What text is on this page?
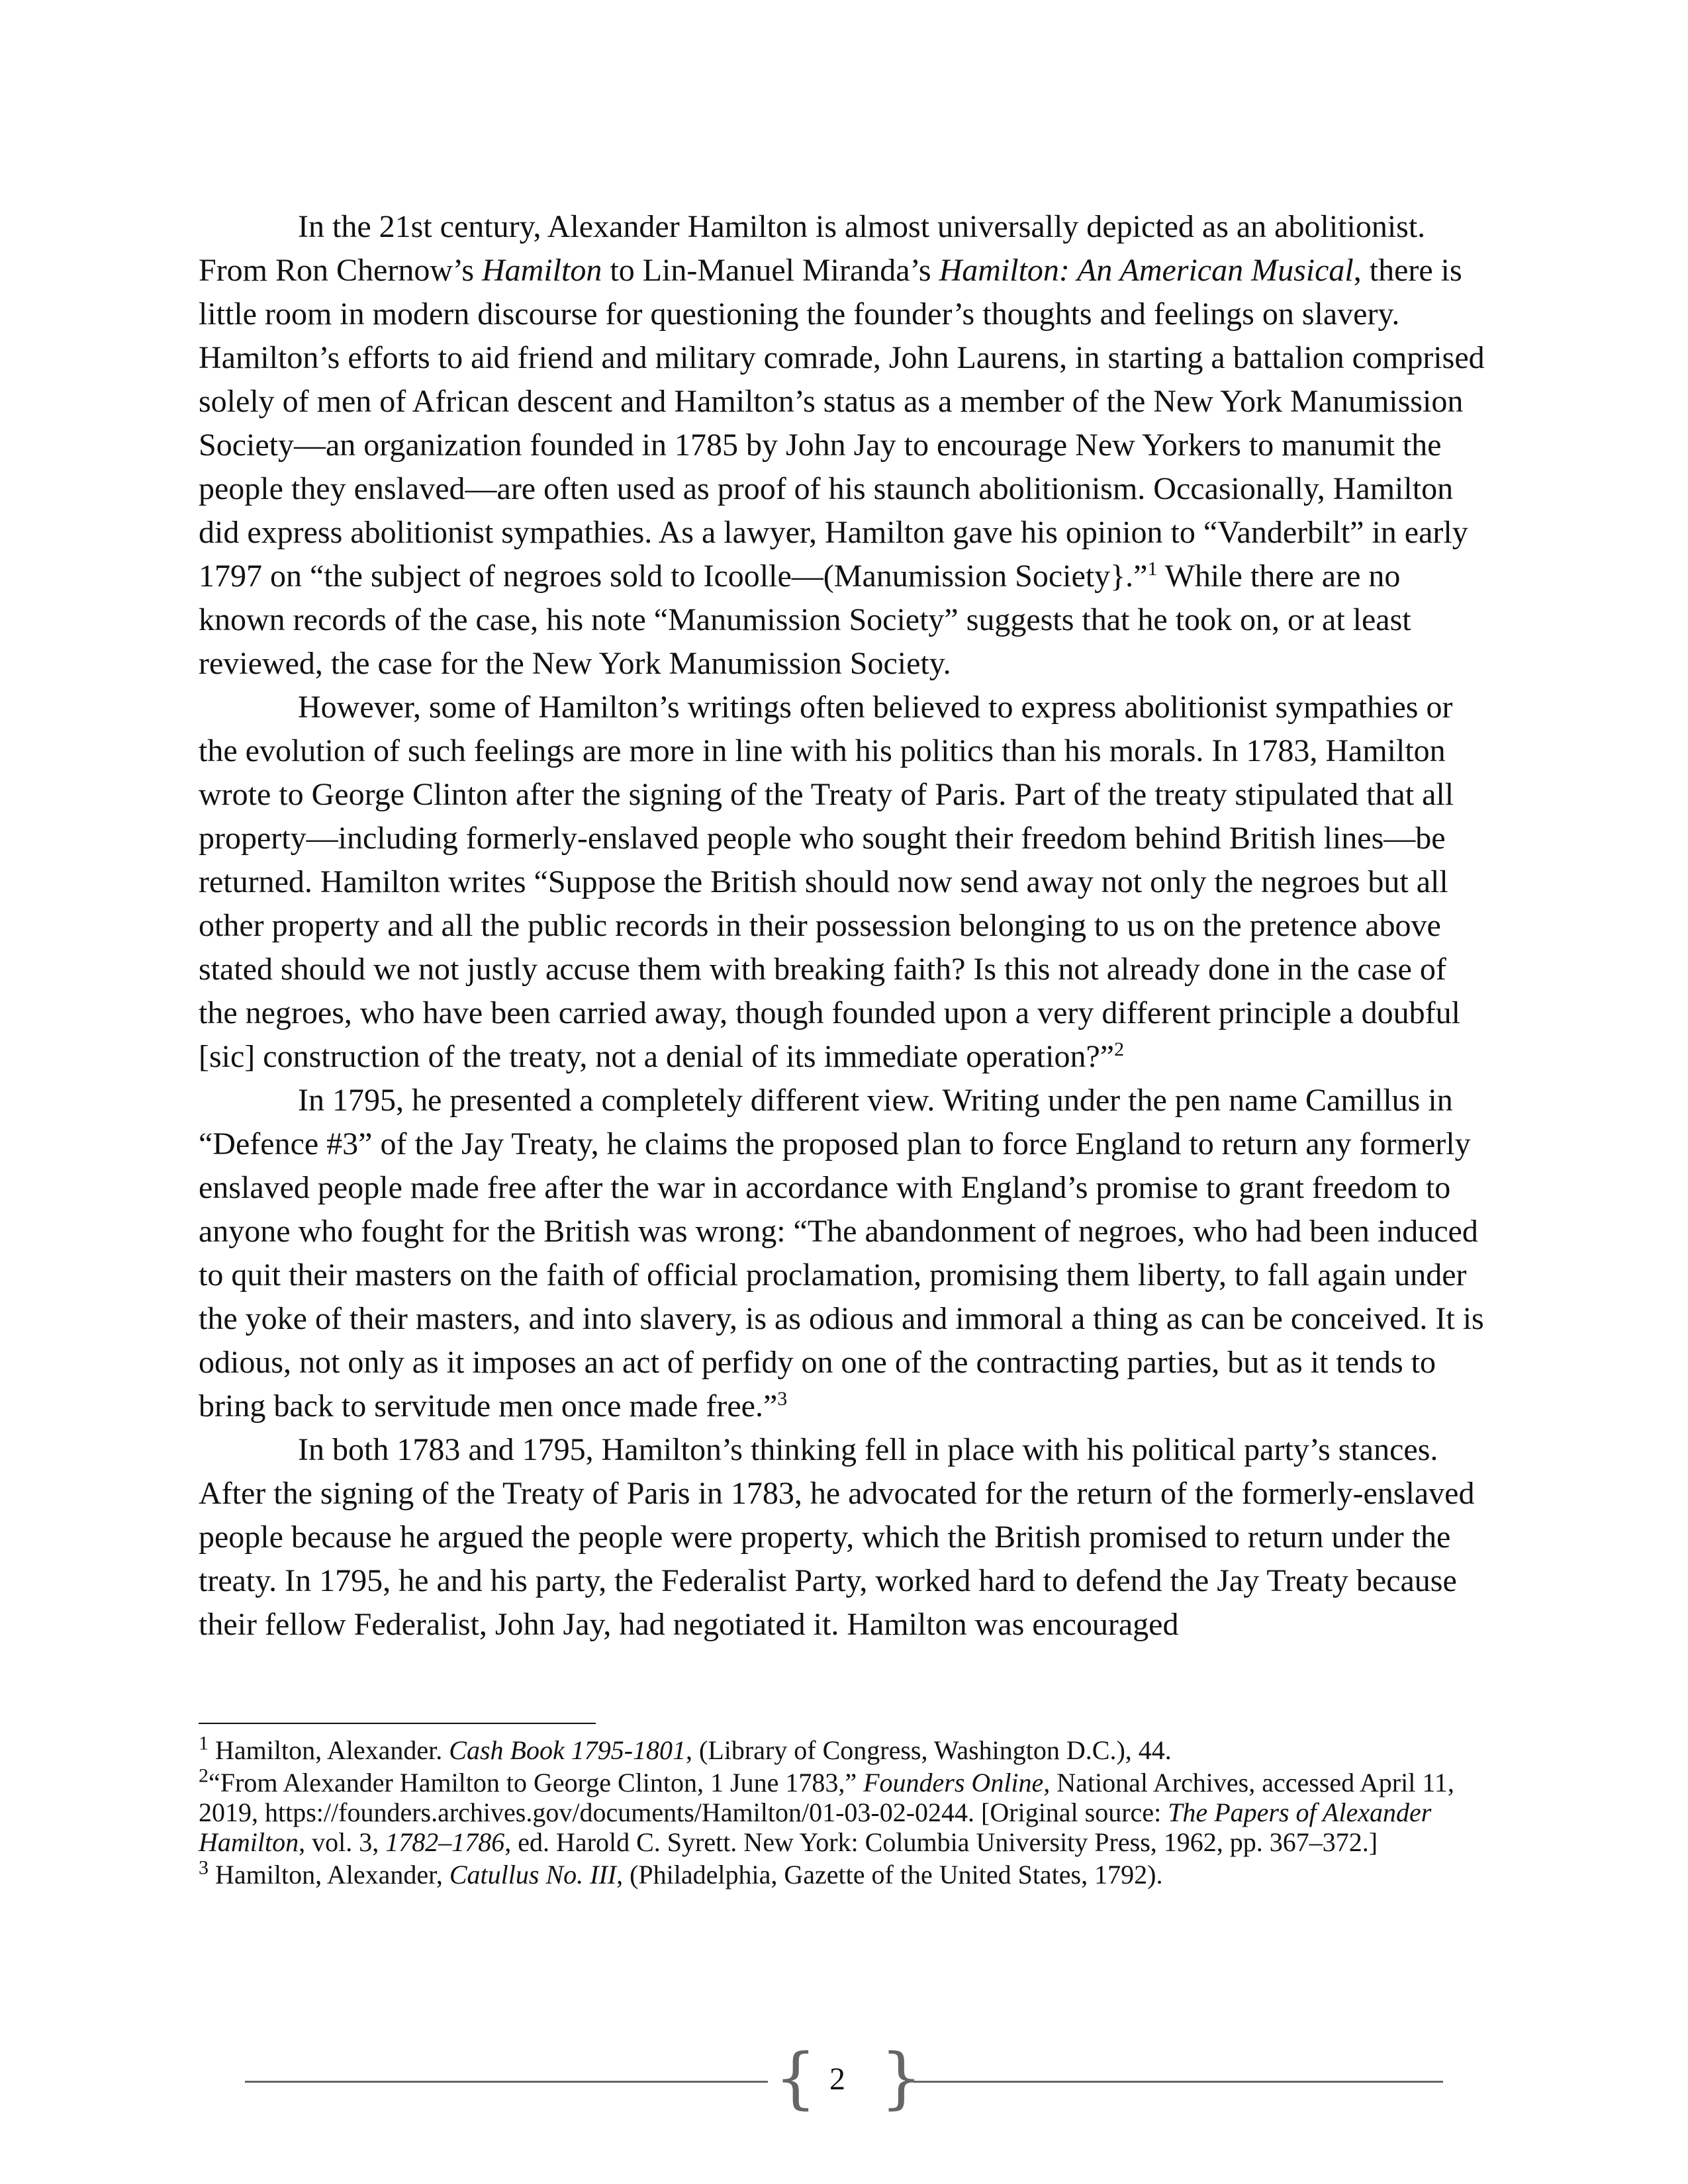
In the 21st century, Alexander Hamilton is almost universally depicted as an abolitionist. From Ron Chernow’s Hamilton to Lin-Manuel Miranda’s Hamilton: An American Musical, there is little room in modern discourse for questioning the founder’s thoughts and feelings on slavery. Hamilton’s efforts to aid friend and military comrade, John Laurens, in starting a battalion comprised solely of men of African descent and Hamilton’s status as a member of the New York Manumission Society—an organization founded in 1785 by John Jay to encourage New Yorkers to manumit the people they enslaved—are often used as proof of his staunch abolitionism. Occasionally, Hamilton did express abolitionist sympathies. As a lawyer, Hamilton gave his opinion to “Vanderbilt” in early 1797 on “the subject of negroes sold to Icoolle—(Manumission Society}.”$^1$ While there are no known records of the case, his note “Manumission Society” suggests that he took on, or at least reviewed, the case for the New York Manumission Society.

However, some of Hamilton’s writings often believed to express abolitionist sympathies or the evolution of such feelings are more in line with his politics than his morals. In 1783, Hamilton wrote to George Clinton after the signing of the Treaty of Paris. Part of the treaty stipulated that all property—including formerly-enslaved people who sought their freedom behind British lines—be returned. Hamilton writes “Suppose the British should now send away not only the negroes but all other property and all the public records in their possession belonging to us on the pretence above stated should we not justly accuse them with breaking faith? Is this not already done in the case of the negroes, who have been carried away, though founded upon a very different principle a doubful [sic] construction of the treaty, not a denial of its immediate operation?”$^2$

In 1795, he presented a completely different view. Writing under the pen name Camillus in “Defence #3” of the Jay Treaty, he claims the proposed plan to force England to return any formerly enslaved people made free after the war in accordance with England’s promise to grant freedom to anyone who fought for the British was wrong: “The abandonment of negroes, who had been induced to quit their masters on the faith of official proclamation, promising them liberty, to fall again under the yoke of their masters, and into slavery, is as odious and immoral a thing as can be conceived. It is odious, not only as it imposes an act of perfidy on one of the contracting parties, but as it tends to bring back to servitude men once made free.”$^3$

In both 1783 and 1795, Hamilton’s thinking fell in place with his political party’s stances. After the signing of the Treaty of Paris in 1783, he advocated for the return of the formerly-enslaved people because he argued the people were property, which the British promised to return under the treaty. In 1795, he and his party, the Federalist Party, worked hard to defend the Jay Treaty because their fellow Federalist, John Jay, had negotiated it. Hamilton was encouraged

$^1$ Hamilton, Alexander. Cash Book 1795-1801, (Library of Congress, Washington D.C.), 44.

$^2$“From Alexander Hamilton to George Clinton, 1 June 1783,” Founders Online, National Archives, accessed April 11, 2019, https://founders.archives.gov/documents/Hamilton/01-03-02-0244. [Original source: The Papers of Alexander Hamilton, vol. 3, 1782–1786, ed. Harold C. Syrett. New York: Columbia University Press, 1962, pp. 367–372.]

$^3$ Hamilton, Alexander, Catullus No. III, (Philadelphia, Gazette of the United States, 1792).

{ 2 }
